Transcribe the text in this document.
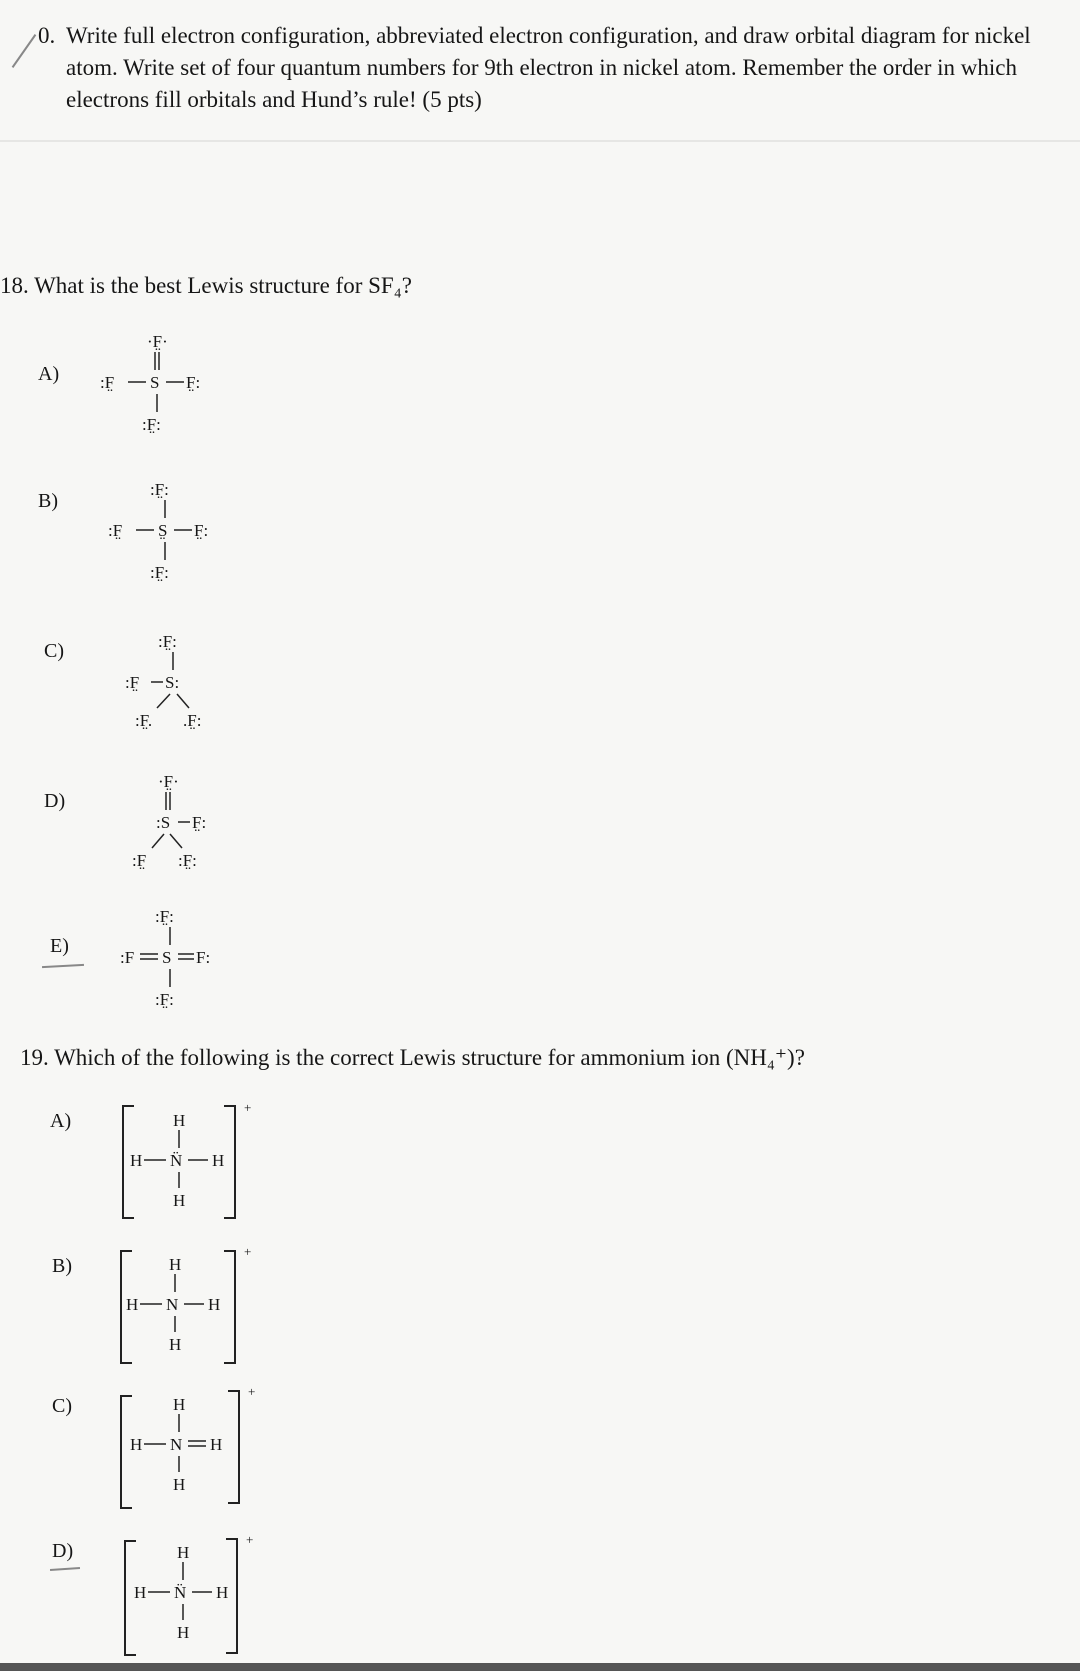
0. Write full electron configuration, abbreviated electron configuration, and draw orbital diagram for nickel atom. Write set of four quantum numbers for 9th electron in nickel atom. Remember the order in which electrons fill orbitals and Hund’s rule! (5 pts)

18. What is the best Lewis structure for SF₄?

A)
·F̤·
:F̤ S F̤:
:F̤:
B)
:F̤:
:F̤ S̤ F̤:
:F̤:
C)	:F̤:
:F̤ S:
:F̤. .F̤:
D)
·F̤·
:S F̤:
:F̤ :F̤:
E)
:F̤:
:F S F:
:F̤:

19. Which of the following is the correct Lewis structure for ammonium ion (NH₄⁺)?

A)	H
H N̈ H
H
+
B)	H
H N H
H
+
C)	H
H N H
H
+
D)	H
H N̈ H
H
+
